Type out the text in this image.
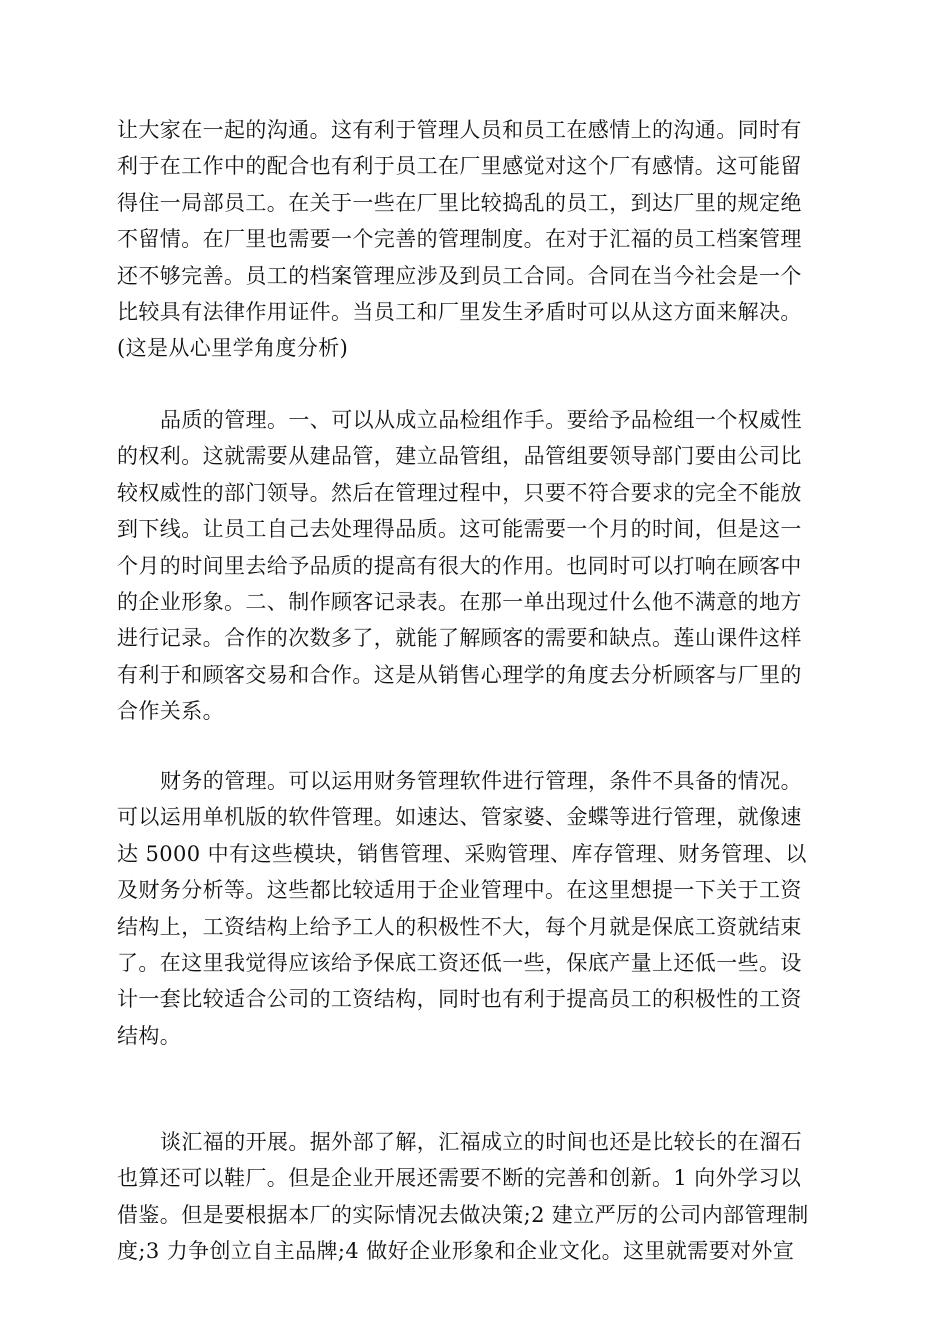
让大家在一起的沟通。这有利于管理人员和员工在感情上的沟通。同时有
利于在工作中的配合也有利于员工在厂里感觉对这个厂有感情。这可能留
得住一局部员工。在关于一些在厂里比较捣乱的员工，到达厂里的规定绝
不留情。在厂里也需要一个完善的管理制度。在对于汇福的员工档案管理
还不够完善。员工的档案管理应涉及到员工合同。合同在当今社会是一个
比较具有法律作用证件。当员工和厂里发生矛盾时可以从这方面来解决。
(这是从心里学角度分析)
品质的管理。一、可以从成立品检组作手。要给予品检组一个权威性
的权利。这就需要从建品管，建立品管组，品管组要领导部门要由公司比
较权威性的部门领导。然后在管理过程中，只要不符合要求的完全不能放
到下线。让员工自己去处理得品质。这可能需要一个月的时间，但是这一
个月的时间里去给予品质的提高有很大的作用。也同时可以打响在顾客中
的企业形象。二、制作顾客记录表。在那一单出现过什么他不满意的地方
进行记录。合作的次数多了，就能了解顾客的需要和缺点。莲山课件这样
有利于和顾客交易和合作。这是从销售心理学的角度去分析顾客与厂里的
合作关系。
财务的管理。可以运用财务管理软件进行管理，条件不具备的情况。
可以运用单机版的软件管理。如速达、管家婆、金蝶等进行管理，就像速
达 5000 中有这些模块，销售管理、采购管理、库存管理、财务管理、以
及财务分析等。这些都比较适用于企业管理中。在这里想提一下关于工资
结构上，工资结构上给予工人的积极性不大，每个月就是保底工资就结束
了。在这里我觉得应该给予保底工资还低一些，保底产量上还低一些。设
计一套比较适合公司的工资结构，同时也有利于提高员工的积极性的工资
结构。
谈汇福的开展。据外部了解，汇福成立的时间也还是比较长的在溜石
也算还可以鞋厂。但是企业开展还需要不断的完善和创新。1 向外学习以
借鉴。但是要根据本厂的实际情况去做决策;2 建立严厉的公司内部管理制
度;3 力争创立自主品牌;4 做好企业形象和企业文化。这里就需要对外宣
